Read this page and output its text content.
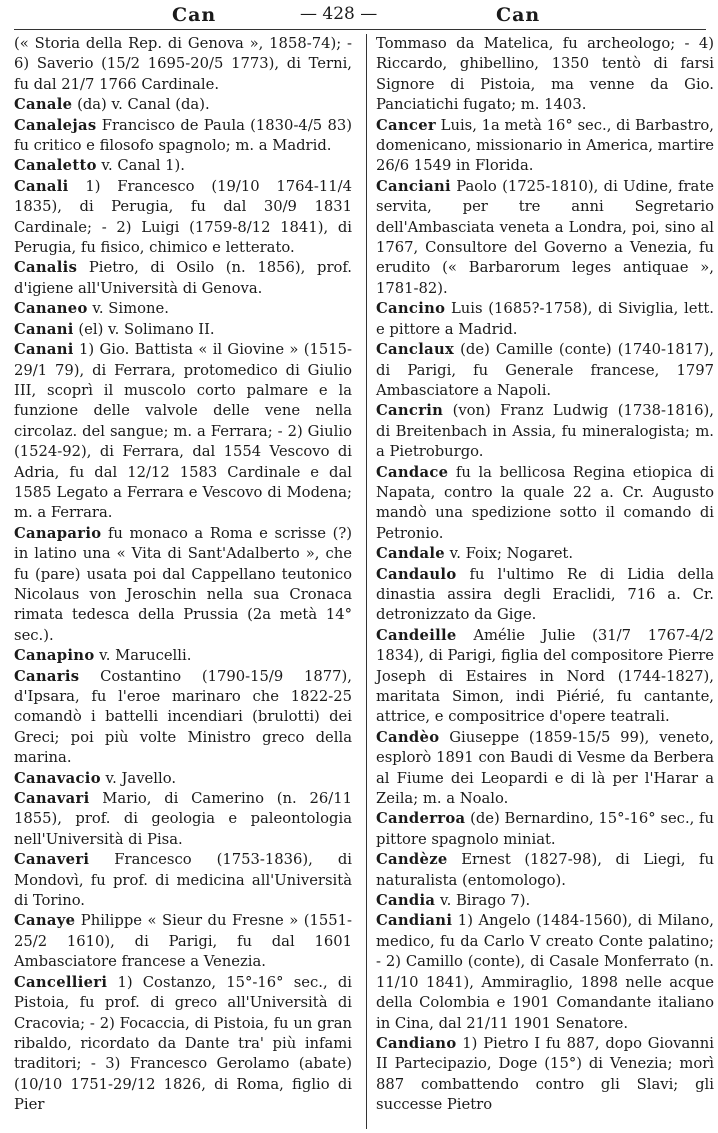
Can	— 428 —	Can

(« Storia della Rep. di Genova », 1858-74); - 6) Saverio (15/2 1695-20/5 1773), di Terni, fu dal 21/7 1766 Cardinale.

Canale (da) v. Canal (da).

Canalejas Francisco de Paula (1830-4/5 83) fu critico e filosofo spagnolo; m. a Madrid.

Canaletto v. Canal 1).

Canali 1) Francesco (19/10 1764-11/4 1835), di Perugia, fu dal 30/9 1831 Cardinale; - 2) Luigi (1759-8/12 1841), di Perugia, fu fisico, chimico e letterato.

Canalis Pietro, di Osilo (n. 1856), prof. d'igiene all'Università di Genova.

Cananeo v. Simone.

Canani (el) v. Solimano II.

Canani 1) Gio. Battista « il Giovine » (1515-29/1 79), di Ferrara, protomedico di Giulio III, scoprì il muscolo corto palmare e la funzione delle valvole delle vene nella circolaz. del sangue; m. a Ferrara; - 2) Giulio (1524-92), di Ferrara, dal 1554 Vescovo di Adria, fu dal 12/12 1583 Cardinale e dal 1585 Legato a Ferrara e Vescovo di Modena; m. a Ferrara.

Canapario fu monaco a Roma e scrisse (?) in latino una « Vita di Sant'Adalberto », che fu (pare) usata poi dal Cappellano teutonico Nicolaus von Jeroschin nella sua Cronaca rimata tedesca della Prussia (2a metà 14° sec.).

Canapino v. Marucelli.

Canaris Costantino (1790-15/9 1877), d'Ipsara, fu l'eroe marinaro che 1822-25 comandò i battelli incendiari (brulotti) dei Greci; poi più volte Ministro greco della marina.

Canavacio v. Javello.

Canavari Mario, di Camerino (n. 26/11 1855), prof. di geologia e paleontologia nell'Università di Pisa.

Canaveri Francesco (1753-1836), di Mondovì, fu prof. di medicina all'Università di Torino.

Canaye Philippe « Sieur du Fresne » (1551-25/2 1610), di Parigi, fu dal 1601 Ambasciatore francese a Venezia.

Cancellieri 1) Costanzo, 15°-16° sec., di Pistoia, fu prof. di greco all'Università di Cracovia; - 2) Focaccia, di Pistoia, fu un gran ribaldo, ricordato da Dante tra' più infami traditori; - 3) Francesco Gerolamo (abate) (10/10 1751-29/12 1826, di Roma, figlio di Pier

Tommaso da Matelica, fu archeologo; - 4) Riccardo, ghibellino, 1350 tentò di farsi Signore di Pistoia, ma venne da Gio. Panciatichi fugato; m. 1403.

Cancer Luis, 1a metà 16° sec., di Barbastro, domenicano, missionario in America, martire 26/6 1549 in Florida.

Canciani Paolo (1725-1810), di Udine, frate servita, per tre anni Segretario dell'Ambasciata veneta a Londra, poi, sino al 1767, Consultore del Governo a Venezia, fu erudito (« Barbarorum leges antiquae », 1781-82).

Cancino Luis (1685?-1758), di Siviglia, lett. e pittore a Madrid.

Canclaux (de) Camille (conte) (1740-1817), di Parigi, fu Generale francese, 1797 Ambasciatore a Napoli.

Cancrin (von) Franz Ludwig (1738-1816), di Breitenbach in Assia, fu mineralogista; m. a Pietroburgo.

Candace fu la bellicosa Regina etiopica di Napata, contro la quale 22 a. Cr. Augusto mandò una spedizione sotto il comando di Petronio.

Candale v. Foix; Nogaret.

Candaulo fu l'ultimo Re di Lidia della dinastia assira degli Eraclidi, 716 a. Cr. detronizzato da Gige.

Candeille Amélie Julie (31/7 1767-4/2 1834), di Parigi, figlia del compositore Pierre Joseph di Estaires in Nord (1744-1827), maritata Simon, indi Piérié, fu cantante, attrice, e compositrice d'opere teatrali.

Candèo Giuseppe (1859-15/5 99), veneto, esplorò 1891 con Baudi di Vesme da Berbera al Fiume dei Leopardi e di là per l'Harar a Zeila; m. a Noalo.

Canderroa (de) Bernardino, 15°-16° sec., fu pittore spagnolo miniat.

Candèze Ernest (1827-98), di Liegi, fu naturalista (entomologo).

Candia v. Birago 7).

Candiani 1) Angelo (1484-1560), di Milano, medico, fu da Carlo V creato Conte palatino; - 2) Camillo (conte), di Casale Monferrato (n. 11/10 1841), Ammiraglio, 1898 nelle acque della Colombia e 1901 Comandante italiano in Cina, dal 21/11 1901 Senatore.

Candiano 1) Pietro I fu 887, dopo Giovanni II Partecipazio, Doge (15°) di Venezia; morì 887 combattendo contro gli Slavi; gli successe Pietro
